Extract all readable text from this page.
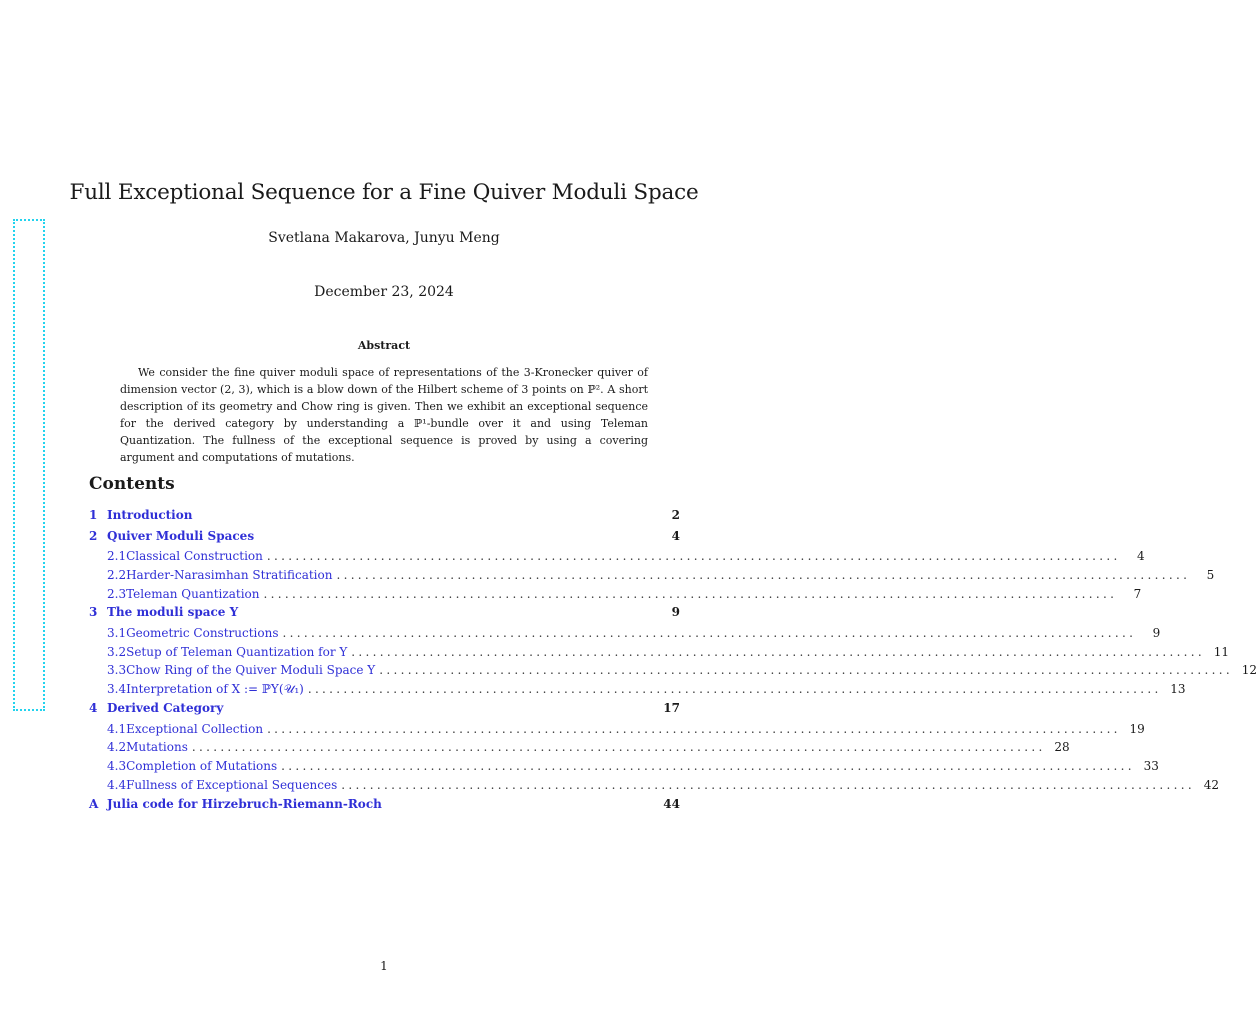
Full Exceptional Sequence for a Fine Quiver Moduli Space
Svetlana Makarova, Junyu Meng
December 23, 2024
Abstract

We consider the fine quiver moduli space of representations of the 3-Kronecker quiver of dimension vector (2, 3), which is a blow down of the Hilbert scheme of 3 points on ℙ². A short description of its geometry and Chow ring is given. Then we exhibit an exceptional sequence for the derived category by understanding a ℙ¹-bundle over it and using Teleman Quantization. The fullness of the exceptional sequence is proved by using a covering argument and computations of mutations.

Contents
1 Introduction	2
2 Quiver Moduli Spaces	4
2.1 Classical Construction ........................................................................................................................	4
2.2 Harder-Narasimhan Stratification ........................................................................................................................	5
2.3 Teleman Quantization ........................................................................................................................	7
3 The moduli space Y	9
3.1 Geometric Constructions ........................................................................................................................	9
3.2 Setup of Teleman Quantization for Y ........................................................................................................................ 11
3.3 Chow Ring of the Quiver Moduli Space Y ........................................................................................................................ 12
3.4 Interpretation of X := ℙY(𝒰₁) ........................................................................................................................ 13
4 Derived Category	17
4.1 Exceptional Collection ........................................................................................................................ 19
4.2 Mutations ........................................................................................................................ 28
4.3 Completion of Mutations ........................................................................................................................ 33
4.4 Fullness of Exceptional Sequences ........................................................................................................................ 42
A Julia code for Hirzebruch-Riemann-Roch	44
1
